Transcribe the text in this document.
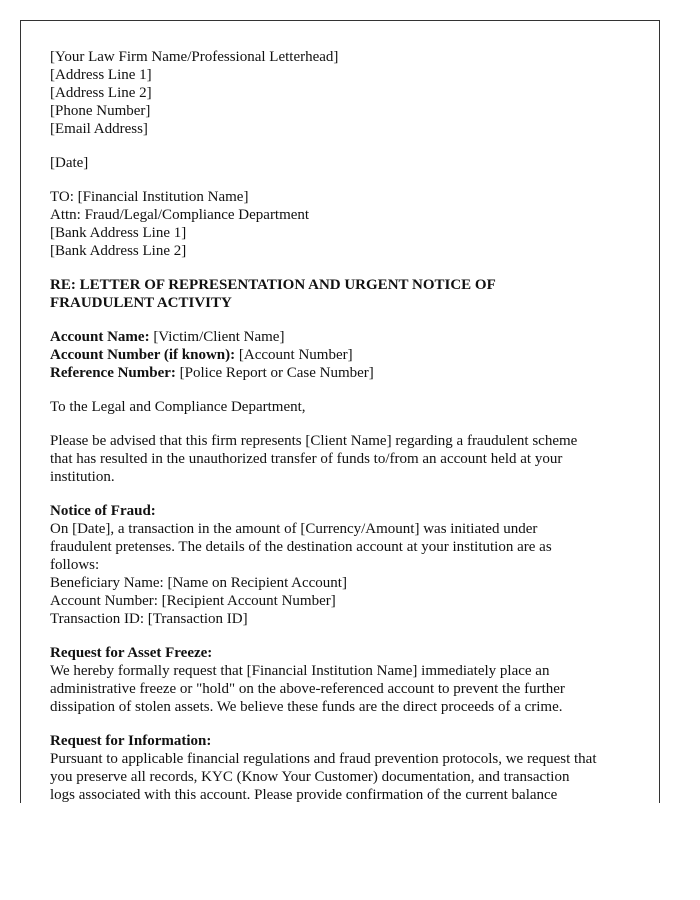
[Your Law Firm Name/Professional Letterhead]
[Address Line 1]
[Address Line 2]
[Phone Number]
[Email Address]
[Date]
TO: [Financial Institution Name]
Attn: Fraud/Legal/Compliance Department
[Bank Address Line 1]
[Bank Address Line 2]
RE: LETTER OF REPRESENTATION AND URGENT NOTICE OF
FRAUDULENT ACTIVITY
Account Name: [Victim/Client Name]
Account Number (if known): [Account Number]
Reference Number: [Police Report or Case Number]
To the Legal and Compliance Department,
Please be advised that this firm represents [Client Name] regarding a fraudulent scheme
that has resulted in the unauthorized transfer of funds to/from an account held at your
institution.
Notice of Fraud:
On [Date], a transaction in the amount of [Currency/Amount] was initiated under
fraudulent pretenses. The details of the destination account at your institution are as
follows:
Beneficiary Name: [Name on Recipient Account]
Account Number: [Recipient Account Number]
Transaction ID: [Transaction ID]
Request for Asset Freeze:
We hereby formally request that [Financial Institution Name] immediately place an
administrative freeze or "hold" on the above-referenced account to prevent the further
dissipation of stolen assets. We believe these funds are the direct proceeds of a crime.
Request for Information:
Pursuant to applicable financial regulations and fraud prevention protocols, we request that
you preserve all records, KYC (Know Your Customer) documentation, and transaction
logs associated with this account. Please provide confirmation of the current balance
